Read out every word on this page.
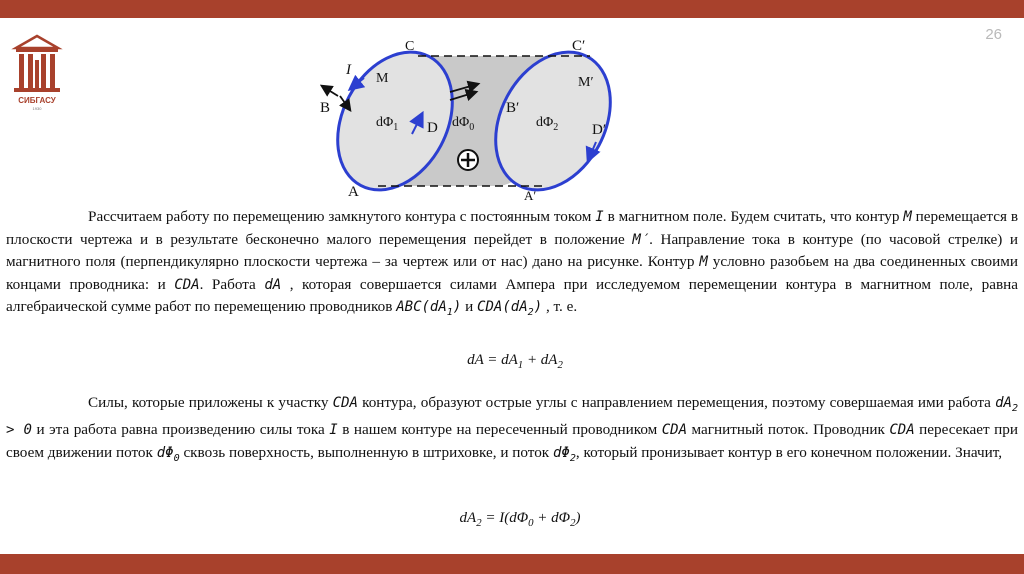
26
СИБГАСУ
1930
C	C′
I
M	M′
B	B′
D	D′
A	A′
$d\Phi_1$	$d\Phi_0$	$d\Phi_2$

Рассчитаем работу по перемещению замкнутого контура с постоянным током I в магнитном поле. Будем считать, что контур M перемещается в плоскости чертежа и в результате бесконечно малого перемещения перейдет в положение M′. Направление тока в контуре (по часовой стрелке) и магнитного поля (перпендикулярно плоскости чертежа – за чертеж или от нас) дано на рисунке. Контур M условно разобьем на два соединенных своими концами проводника: и CDA. Работа dA , которая совершается силами Ампера при исследуемом перемещении контура в магнитном поле, равна алгебраической сумме работ по перемещению проводников $ABC(dA_1)$ и $CDA(dA_2)$ , т. е.

dA = $dA_1 + dA_2$

Силы, которые приложены к участку CDA контура, образуют острые углы с направлением перемещения, поэтому совершаемая ими работа $dA_2 > 0$ и эта работа равна произведению силы тока I в нашем контуре на пересеченный проводником CDA магнитный поток. Проводник CDA пересекает при своем движении поток $d\Phi_0$ сквозь поверхность, выполненную в штриховке, и поток $d\Phi_2$, который пронизывает контур в его конечном положении. Значит,

$dA_2 = I(d\Phi_0 + d\Phi_2)$
